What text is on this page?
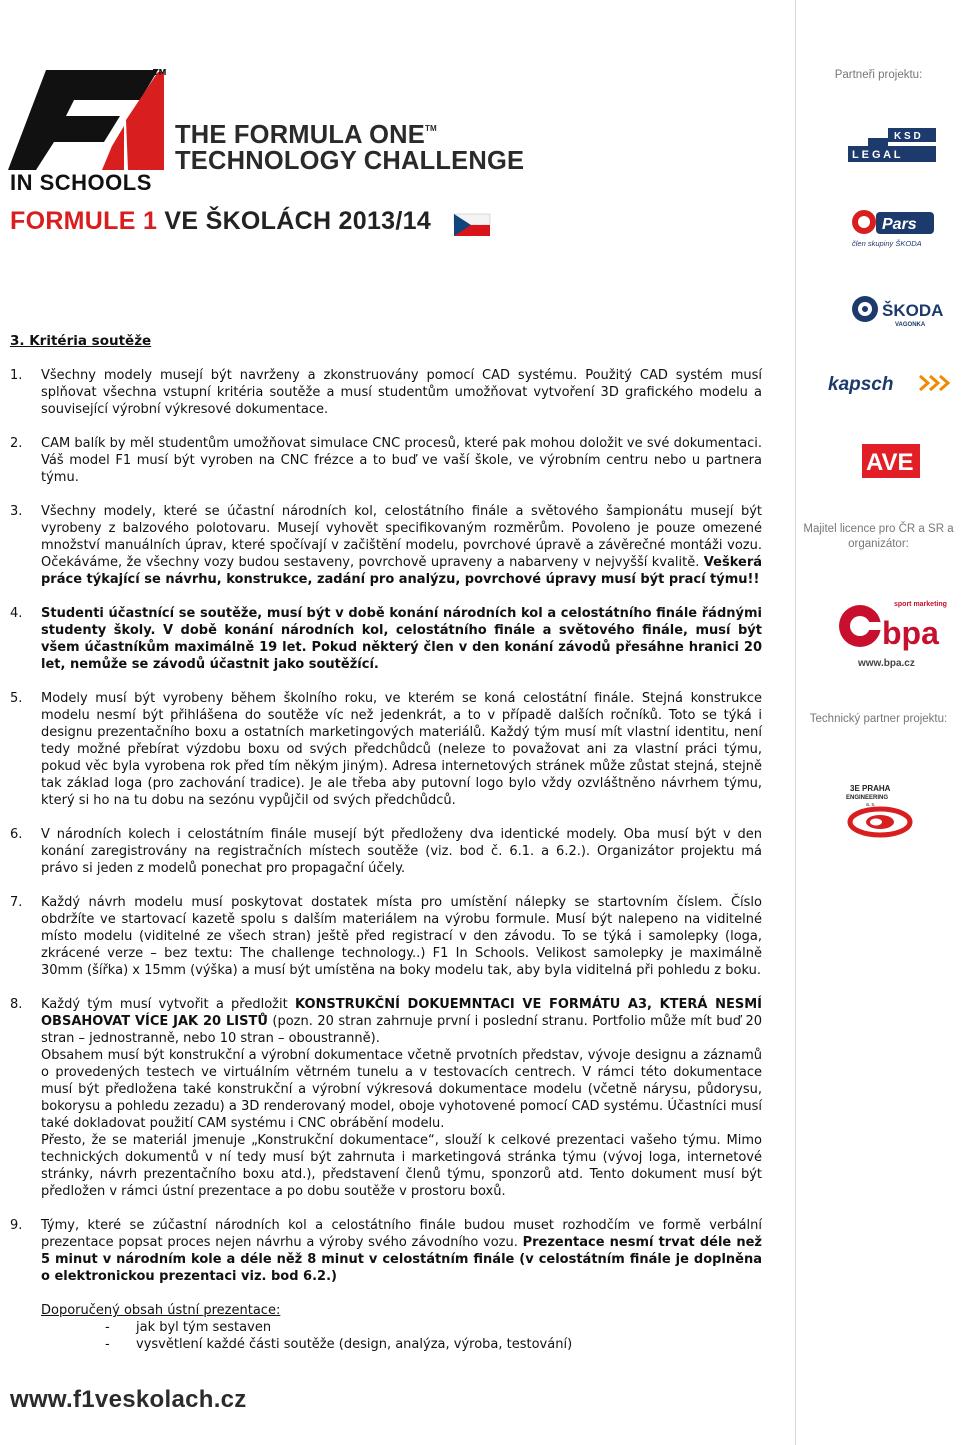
TM
IN SCHOOLS
THE FORMULA ONE™
TECHNOLOGY CHALLENGE
FORMULE 1 VE ŠKOLÁCH 2013/14
Partneři projektu:
K S D
L E G A L
Pars
člen skupiny ŠKODA
ŠKODA
VAGONKA
kapsch
AVE
Majitel licence pro ČR a SR a organizátor:
sport marketing
bpa
www.bpa.cz
Technický partner projektu:
3E PRAHA
ENGINEERING
a. s.
3. Kritéria soutěže
1. Všechny modely musejí být navrženy a zkonstruovány pomocí CAD systému. Použitý CAD systém musí splňovat všechna vstupní kritéria soutěže a musí studentům umožňovat vytvoření 3D grafického modelu a související výrobní výkresové dokumentace.

2. CAM balík by měl studentům umožňovat simulace CNC procesů, které pak mohou doložit ve své dokumentaci. Váš model F1 musí být vyroben na CNC frézce a to buď ve vaší škole, ve výrobním centru nebo u partnera týmu.

3. Všechny modely, které se účastní národních kol, celostátního finále a světového šampionátu musejí být vyrobeny z balzového polotovaru. Musejí vyhovět specifikovaným rozměrům. Povoleno je pouze omezené množství manuálních úprav, které spočívají v začištění modelu, povrchové úpravě a závěrečné montáži vozu. Očekáváme, že všechny vozy budou sestaveny, povrchově upraveny a nabarveny v nejvyšší kvalitě. Veškerá práce týkající se návrhu, konstrukce, zadání pro analýzu, povrchové úpravy musí být prací týmu!!

4. Studenti účastnící se soutěže, musí být v době konání národních kol a celostátního finále řádnými studenty školy. V době konání národních kol, celostátního finále a světového finále, musí být všem účastníkům maximálně 19 let. Pokud některý člen v den konání závodů přesáhne hranici 20 let, nemůže se závodů účastnit jako soutěžící.

5. Modely musí být vyrobeny během školního roku, ve kterém se koná celostátní finále. Stejná konstrukce modelu nesmí být přihlášena do soutěže víc než jedenkrát, a to v případě dalších ročníků. Toto se týká i designu prezentačního boxu a ostatních marketingových materiálů. Každý tým musí mít vlastní identitu, není tedy možné přebírat výzdobu boxu od svých předchůdců (neleze to považovat ani za vlastní práci týmu, pokud věc byla vyrobena rok před tím někým jiným). Adresa internetových stránek může zůstat stejná, stejně tak základ loga (pro zachování tradice). Je ale třeba aby putovní logo bylo vždy ozvláštněno návrhem týmu, který si ho na tu dobu na sezónu vypůjčil od svých předchůdců.

6. V národních kolech i celostátním finále musejí být předloženy dva identické modely. Oba musí být v den konání zaregistrovány na registračních místech soutěže (viz. bod č. 6.1. a 6.2.). Organizátor projektu má právo si jeden z modelů ponechat pro propagační účely.

7. Každý návrh modelu musí poskytovat dostatek místa pro umístění nálepky se startovním číslem. Číslo obdržíte ve startovací kazetě spolu s dalším materiálem na výrobu formule. Musí být nalepeno na viditelné místo modelu (viditelné ze všech stran) ještě před registrací v den závodu. To se týká i samolepky (loga, zkrácené verze – bez textu: The challenge technology..) F1 In Schools. Velikost samolepky je maximálně 30mm (šířka) x 15mm (výška) a musí být umístěna na boky modelu tak, aby byla viditelná při pohledu z boku.

8. Každý tým musí vytvořit a předložit KONSTRUKČNÍ DOKUEMNTACI VE FORMÁTU A3, KTERÁ NESMÍ OBSAHOVAT VÍCE JAK 20 LISTŮ (pozn. 20 stran zahrnuje první i poslední stranu. Portfolio může mít buď 20 stran – jednostranně, nebo 10 stran – oboustranně).

Obsahem musí být konstrukční a výrobní dokumentace včetně prvotních představ, vývoje designu a záznamů o provedených testech ve virtuálním větrném tunelu a v testovacích centrech. V rámci této dokumentace musí být předložena také konstrukční a výrobní výkresová dokumentace modelu (včetně nárysu, půdorysu, bokorysu a pohledu zezadu) a 3D renderovaný model, oboje vyhotovené pomocí CAD systému. Účastníci musí také dokladovat použití CAM systému i CNC obrábění modelu.

Přesto, že se materiál jmenuje „Konstrukční dokumentace“, slouží k celkové prezentaci vašeho týmu. Mimo technických dokumentů v ní tedy musí být zahrnuta i marketingová stránka týmu (vývoj loga, internetové stránky, návrh prezentačního boxu atd.), představení členů týmu, sponzorů atd. Tento dokument musí být předložen v rámci ústní prezentace a po dobu soutěže v prostoru boxů.

9. Týmy, které se zúčastní národních kol a celostátního finále budou muset rozhodčím ve formě verbální prezentace popsat proces nejen návrhu a výroby svého závodního vozu. Prezentace nesmí trvat déle než 5 minut v národním kole a déle něž 8 minut v celostátním finále (v celostátním finále je doplněna o elektronickou prezentaci viz. bod 6.2.)

Doporučený obsah ústní prezentace:

- jak byl tým sestaven

- vysvětlení každé části soutěže (design, analýza, výroba, testování)

www.f1veskolach.cz
